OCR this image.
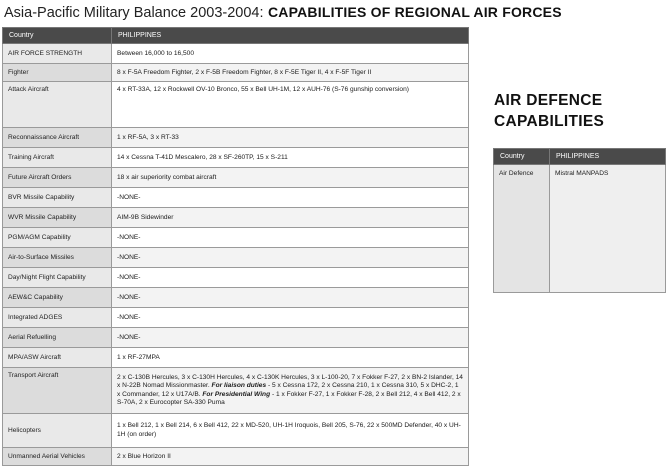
Asia-Pacific Military Balance 2003-2004: CAPABILITIES OF REGIONAL AIR FORCES
Country	PHILIPPINES
AIR FORCE STRENGTH	Between 16,000 to 16,500
Fighter	8 x F-5A Freedom Fighter, 2 x F-5B Freedom Fighter, 8 x F-5E Tiger II, 4 x F-5F Tiger II
Attack Aircraft	4 x RT-33A, 12 x Rockwell OV-10 Bronco, 55 x Bell UH-1M, 12 x AUH-76 (S-76 gunship conversion)
Reconnaissance Aircraft	1 x RF-5A, 3 x RT-33
Training Aircraft	14 x Cessna T-41D Mescalero, 28 x SF-260TP, 15 x S-211
Future Aircraft Orders	18 x air superiority combat aircraft
BVR Missile Capability	-NONE-
WVR Missile Capability	AIM-9B Sidewinder
PGM/AGM Capability	-NONE-
Air-to-Surface Missiles	-NONE-
Day/Night Flight Capability	-NONE-
AEW&C Capability	-NONE-
Integrated ADGES	-NONE-
Aerial Refuelling	-NONE-
MPA/ASW Aircraft	1 x RF-27MPA
Transport Aircraft	2 x C-130B Hercules, 3 x C-130H Hercules, 4 x C-130K Hercules, 3 x L-100-20, 7 x Fokker F-27, 2 x BN-2 Islander, 14 x N-22B Nomad Missionmaster. For liaison duties - 5 x Cessna 172, 2 x Cessna 210, 1 x Cessna 310, 5 x DHC-2, 1 x Commander, 12 x U17A/B. For Presidential Wing - 1 x Fokker F-27, 1 x Fokker F-28, 2 x Bell 212, 4 x Bell 412, 2 x S-70A, 2 x Eurocopter SA-330 Puma
Helicopters	1 x Bell 212, 1 x Bell 214, 6 x Bell 412, 22 x MD-520, UH-1H Iroquois, Bell 205, S-76, 22 x 500MD Defender, 40 x UH-1H (on order)
Unmanned Aerial Vehicles	2 x Blue Horizon II
AIR DEFENCE
CAPABILITIES
Country	PHILIPPINES
Air Defence	Mistral MANPADS
